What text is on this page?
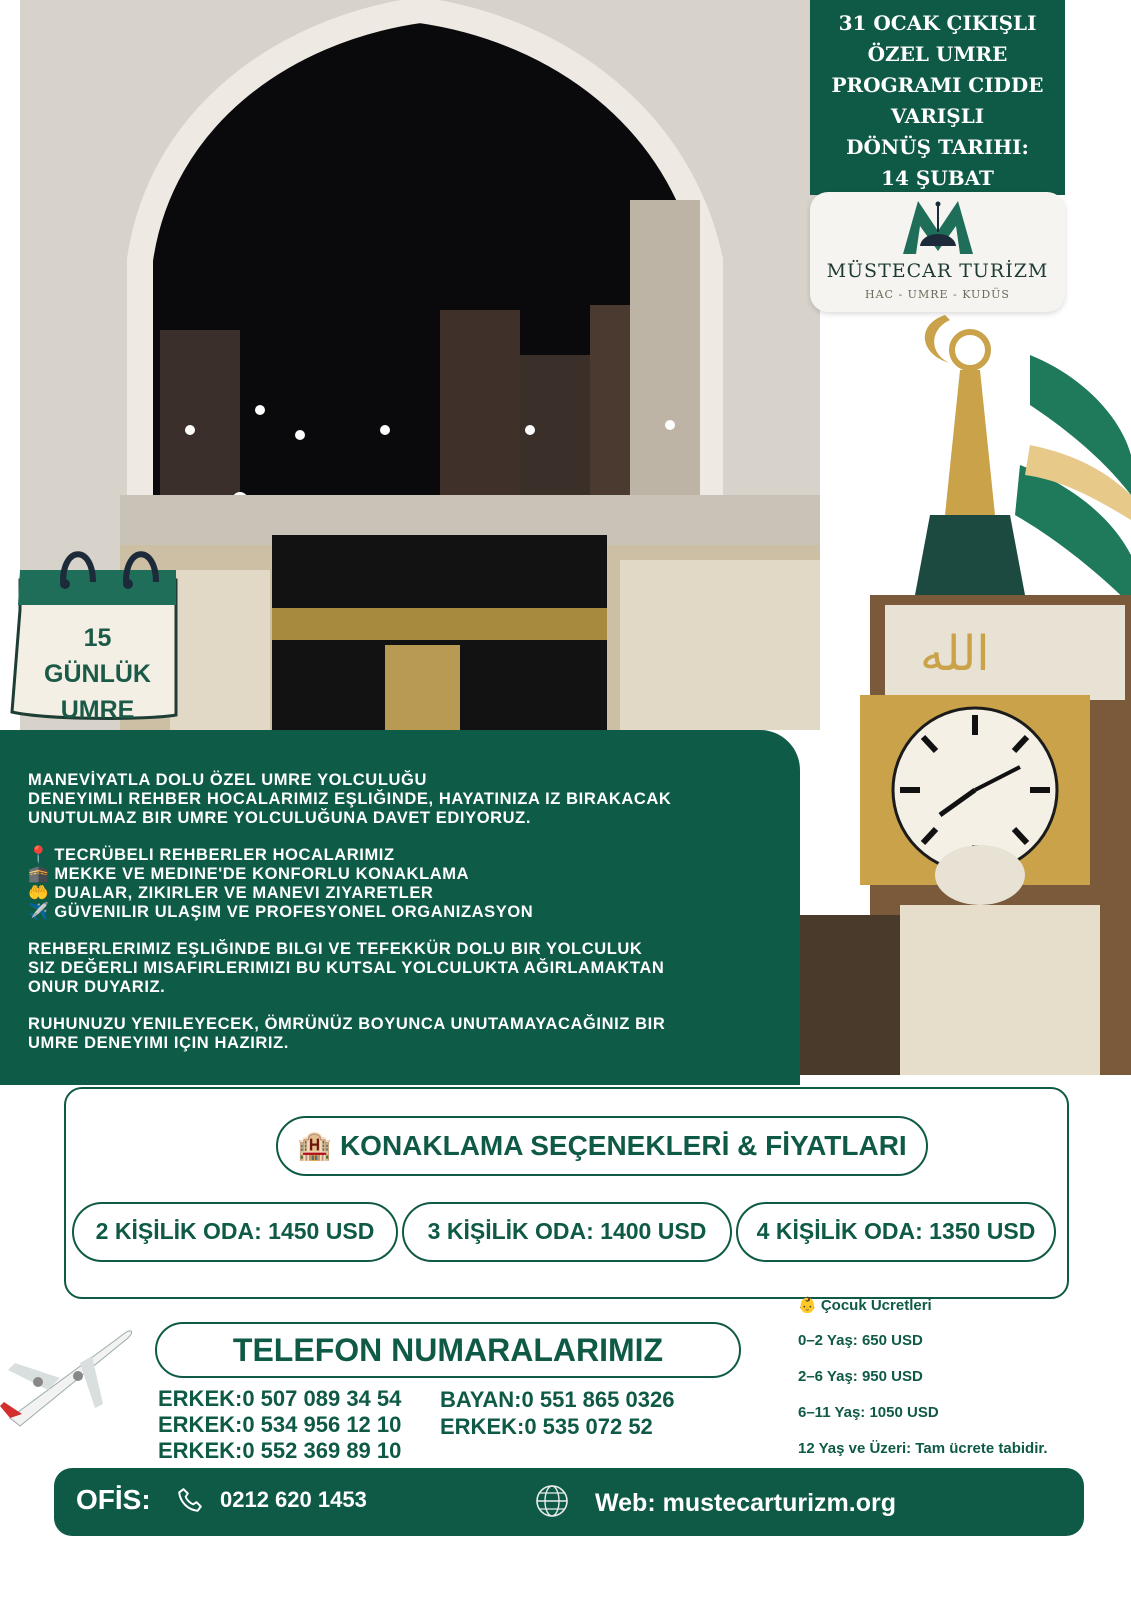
الله
31 OCAK ÇIKIŞLI
ÖZEL UMRE
PROGRAMI CIDDE
VARIŞLI
DÖNÜŞ TARIHI:
14 ŞUBAT
MÜSTECAR TURİZM
HAC - UMRE - KUDÜS
15
GÜNLÜK
UMRE

MANEVİYATLA DOLU ÖZEL UMRE YOLCULUĞU
DENEYIMLI REHBER HOCALARIMIZ EŞLIĞINDE, HAYATINIZA IZ BIRAKACAK
UNUTULMAZ BIR UMRE YOLCULUĞUNA DAVET EDIYORUZ.

📍 TECRÜBELI REHBERLER HOCALARIMIZ
🕋 MEKKE VE MEDINE'DE KONFORLU KONAKLAMA
🤲 DUALAR, ZIKIRLER VE MANEVI ZIYARETLER
✈️ GÜVENILIR ULAŞIM VE PROFESYONEL ORGANIZASYON

REHBERLERIMIZ EŞLIĞINDE BILGI VE TEFEKKÜR DOLU BIR YOLCULUK
SIZ DEĞERLI MISAFIRLERIMIZI BU KUTSAL YOLCULUKTA AĞIRLAMAKTAN
ONUR DUYARIZ.

RUHUNUZU YENILEYECEK, ÖMRÜNÜZ BOYUNCA UNUTAMAYACAĞINIZ BIR
UMRE DENEYIMI IÇIN HAZIRIZ.

🏨 KONAKLAMA SEÇENEKLERİ & FİYATLARI
2 KİŞİLİK ODA: 1450 USD	3 KİŞİLİK ODA: 1400 USD	4 KİŞİLİK ODA: 1350 USD
👶 Çocuk Ücretleri
0–2 Yaş: 650 USD
2–6 Yaş: 950 USD
6–11 Yaş: 1050 USD
12 Yaş ve Üzeri: Tam ücrete tabidir.
TELEFON NUMARALARIMIZ
ERKEK:0 507 089 34 54
ERKEK:0 534 956 12 10
ERKEK:0 552 369 89 10
BAYAN:0 551 865 0326
ERKEK:0 535 072 52
OFİS:	0212 620 1453	Web: mustecarturizm.org
